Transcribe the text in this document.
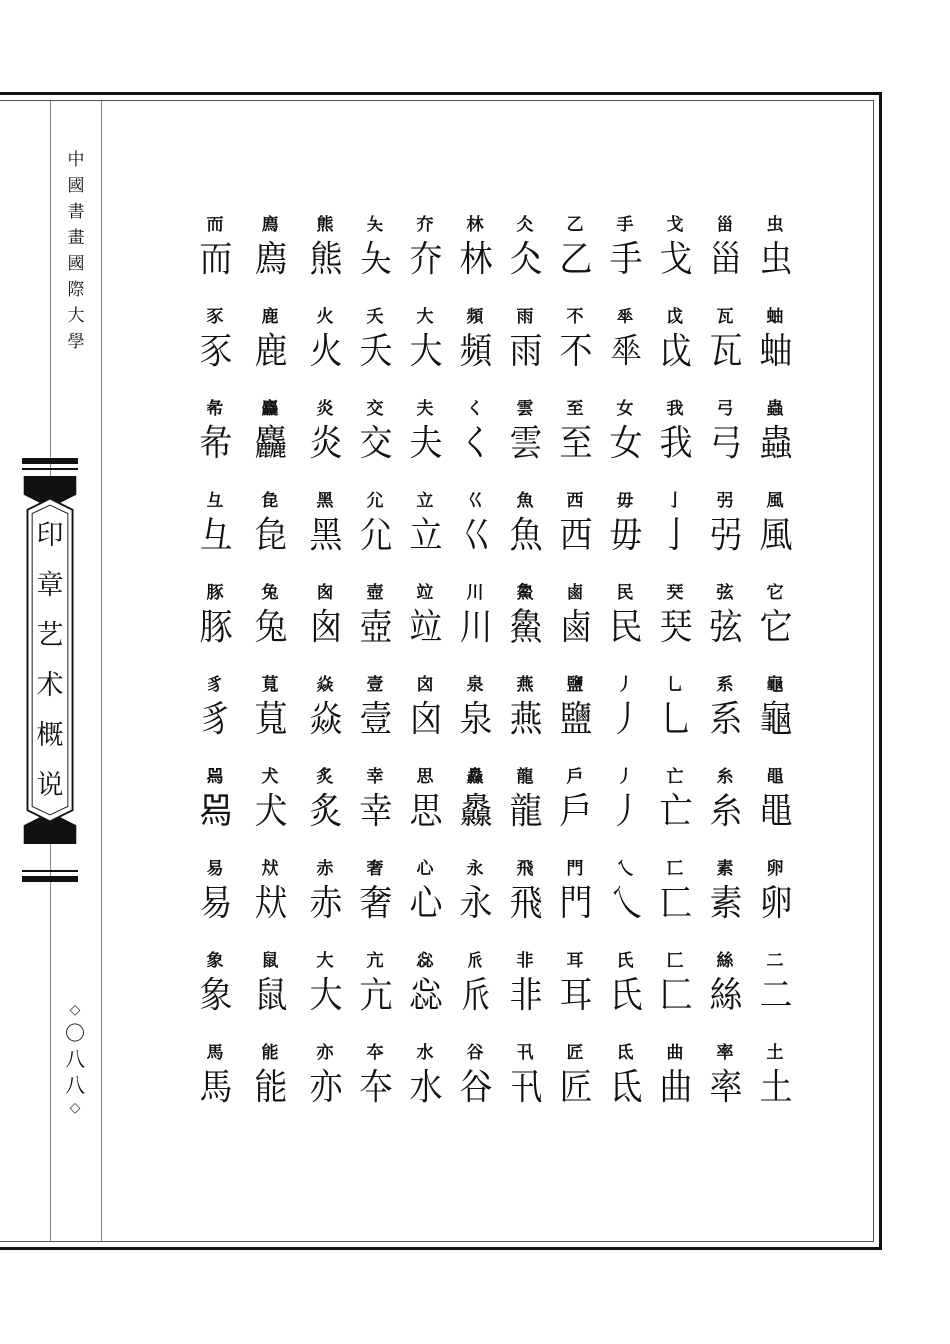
中
國
書
畫
國
際
大
學
印
章
艺
术
概
说
◇
〇
八
八
◇
虫
虫
蚰
蚰
蟲
蟲
風
風
它
它
龜
龜
黽
黽
卵
卵
二
二
土
土
甾
甾
瓦
瓦
弓
弓
弜
弜
弦
弦
系
系
糸
糸
素
素
絲
絲
率
率
戈
戈
戉
戉
我
我
亅
亅
珡
珡
乚
乚
亡
亡
匸
匸
匚
匚
曲
曲
手
手
𠦬
𠦬
女
女
毋
毋
民
民
丿
丿
丿
丿
乀
乀
氏
氏
氐
氐
乙
乙
不
不
至
至
西
西
鹵
鹵
鹽
鹽
戶
戶
門
門
耳
耳
匠
匠
仌
仌
雨
雨
雲
雲
魚
魚
𩺰
𩺰
燕
燕
龍
龍
飛
飛
非
非
卂
卂
林
林
頻
頻
く
く
巜
巜
川
川
泉
泉
灥
灥
永
永
𠂢
𠂢
谷
谷
夰
夰
大
大
夫
夫
立
立
竝
竝
囟
囟
思
思
心
心
惢
惢
水
水
夨
夨
夭
夭
交
交
尣
尣
壺
壺
壹
壹
幸
幸
奢
奢
亢
亢
夲
夲
熊
熊
火
火
炎
炎
黑
黑
囪
囪
焱
焱
炙
炙
赤
赤
大
大
亦
亦
廌
廌
鹿
鹿
麤
麤
㲋
㲋
兔
兔
萈
萈
犬
犬
㹜
㹜
鼠
鼠
能
能
而
而
豕
豕
㣇
㣇
彑
彑
豚
豚
豸
豸
𤉡
𤉡
易
易
象
象
馬
馬
